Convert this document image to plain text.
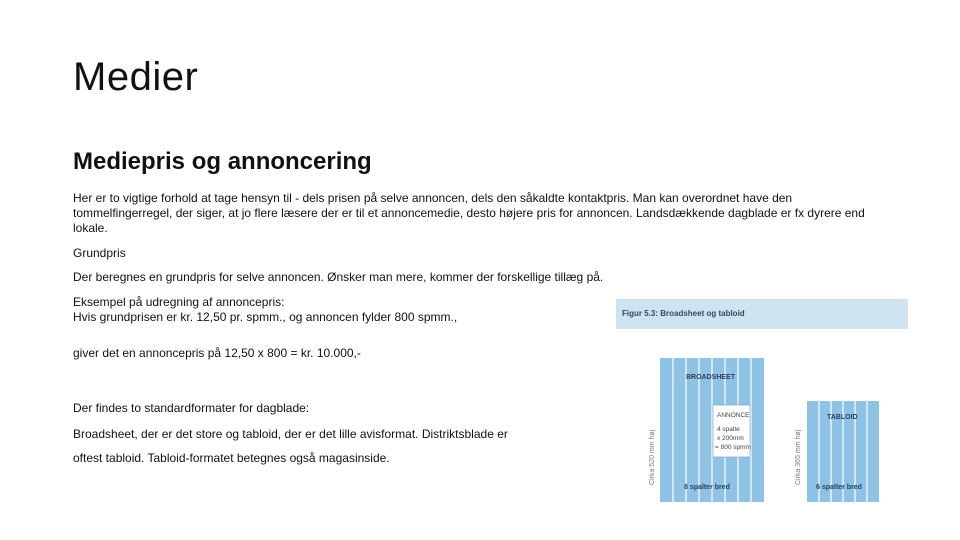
Medier
Mediepris og annoncering
Her er to vigtige forhold at tage hensyn til - dels prisen på selve annoncen, dels den såkaldte kontaktpris. Man kan overordnet have den tommelfingerregel, der siger, at jo flere læsere der er til et annoncemedie, desto højere pris for annoncen. Landsdækkende dagblade er fx dyrere end lokale.
Grundpris
Der beregnes en grundpris for selve annoncen. Ønsker man mere, kommer der forskellige tillæg på.
Eksempel på udregning af annoncepris:
Hvis grundprisen er kr. 12,50 pr. spmm., og annoncen fylder 800 spmm.,
giver det en annoncepris på 12,50 x 800 = kr. 10.000,-
Der findes to standardformater for dagblade:
Broadsheet, der er det store og tabloid, der er det lille avisformat. Distriktsblade er
oftest tabloid. Tabloid-formatet betegnes også magasinside.
Figur 5.3: Broadsheet og tabloid
BROADSHEET
ANNONCE
4 spalte
x 200mm
= 800 spmm
8 spalter bred
Cirka 520 mm høj
TABLOID
6 spalter bred
Cirka 365 mm høj
